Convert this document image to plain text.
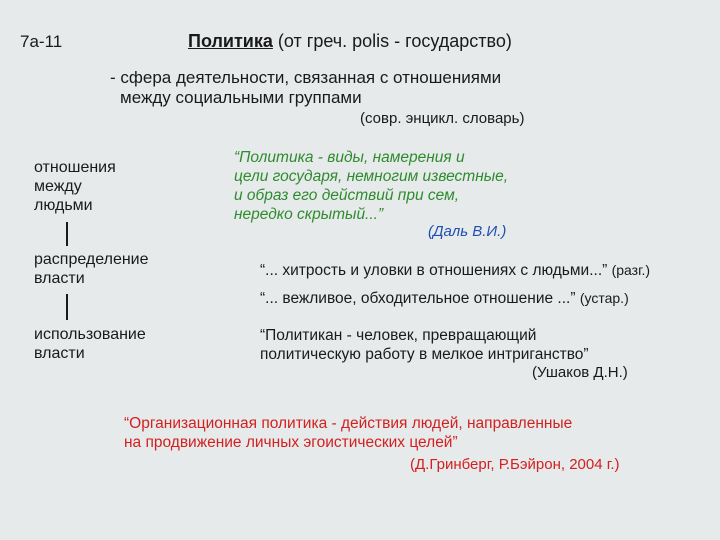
7а-11	Политика (от греч. polis - государство)
- сфера деятельности, связанная с отношениями
между социальными группами
(совр. энцикл. словарь)
отношения
между
людьми
распределение
власти
использование
власти
“Политика - виды, намерения и
цели государя, немногим известные,
и образ его действий при сем,
нередко скрытый...”
(Даль В.И.)
“... хитрость и уловки в отношениях с людьми...” (разг.)
“... вежливое, обходительное отношение ...” (устар.)
“Политикан - человек, превращающий
политическую работу в мелкое интриганство”
(Ушаков Д.Н.)
“Организационная политика - действия людей, направленные
на продвижение личных эгоистических целей”
(Д.Гринберг, Р.Бэйрон, 2004 г.)
